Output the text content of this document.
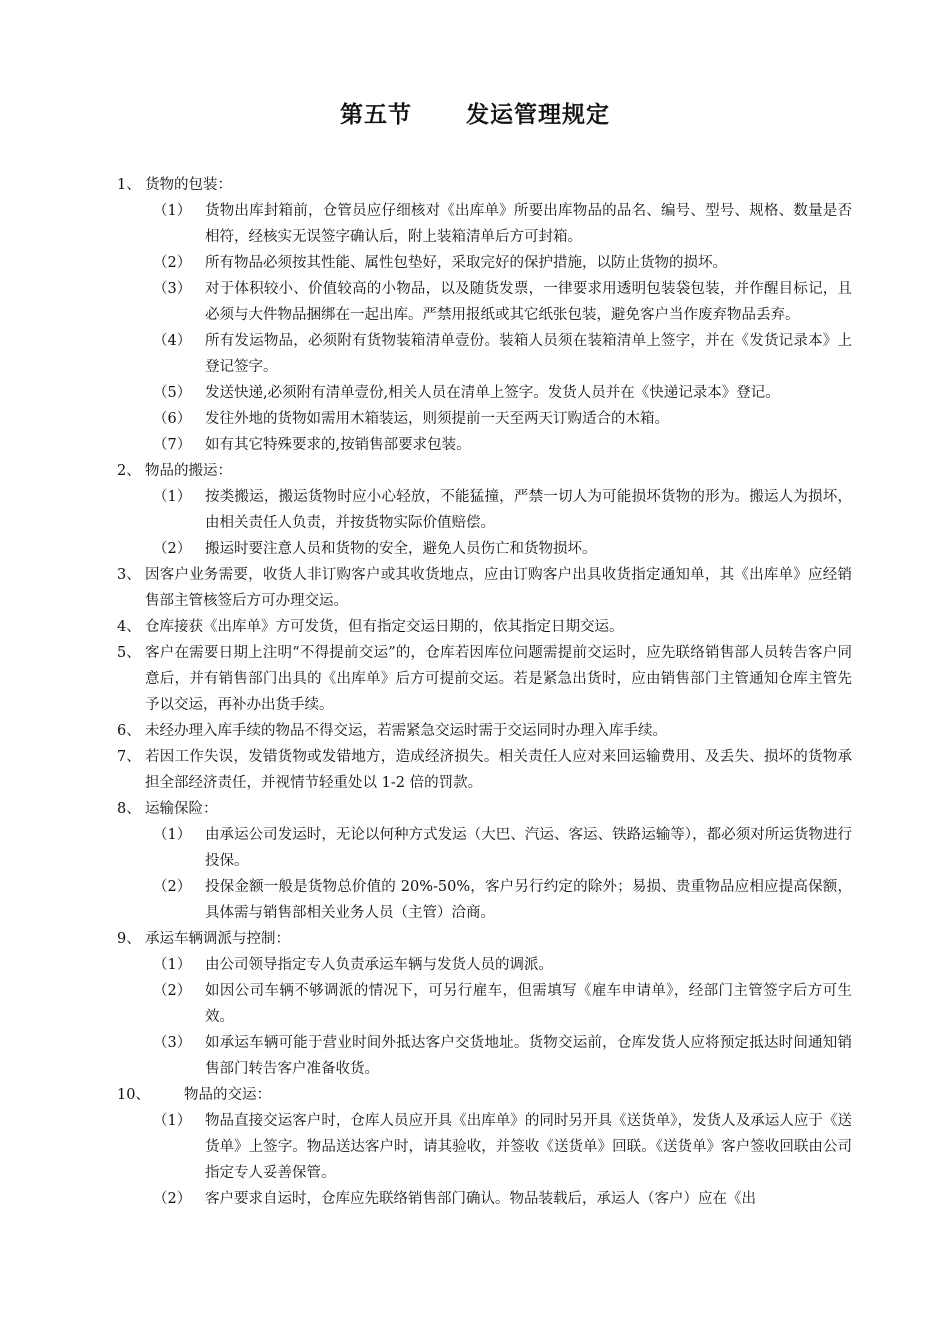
第五节      发运管理规定
1、 货物的包装：
（1） 货物出库封箱前，仓管员应仔细核对《出库单》所要出库物品的品名、编号、型号、规格、数量是否相符，经核实无误签字确认后，附上装箱清单后方可封箱。
（2） 所有物品必须按其性能、属性包垫好，采取完好的保护措施，以防止货物的损坏。
（3） 对于体积较小、价值较高的小物品，以及随货发票，一律要求用透明包装袋包装，并作醒目标记，且必须与大件物品捆绑在一起出库。严禁用报纸或其它纸张包装，避免客户当作废弃物品丢弃。
（4） 所有发运物品，必须附有货物装箱清单壹份。装箱人员须在装箱清单上签字，并在《发货记录本》上登记签字。
（5） 发送快递,必须附有清单壹份,相关人员在清单上签字。发货人员并在《快递记录本》登记。
（6） 发往外地的货物如需用木箱装运，则须提前一天至两天订购适合的木箱。
（7） 如有其它特殊要求的,按销售部要求包装。
2、 物品的搬运：
（1） 按类搬运，搬运货物时应小心轻放，不能猛撞，严禁一切人为可能损坏货物的形为。搬运人为损坏，由相关责任人负责，并按货物实际价值赔偿。
（2） 搬运时要注意人员和货物的安全，避免人员伤亡和货物损坏。
3、 因客户业务需要，收货人非订购客户或其收货地点，应由订购客户出具收货指定通知单，其《出库单》应经销售部主管核签后方可办理交运。
4、 仓库接获《出库单》方可发货，但有指定交运日期的，依其指定日期交运。
5、 客户在需要日期上注明“不得提前交运”的，仓库若因库位问题需提前交运时，应先联络销售部人员转告客户同意后，并有销售部门出具的《出库单》后方可提前交运。若是紧急出货时，应由销售部门主管通知仓库主管先予以交运，再补办出货手续。
6、 未经办理入库手续的物品不得交运，若需紧急交运时需于交运同时办理入库手续。
7、 若因工作失误，发错货物或发错地方，造成经济损失。相关责任人应对来回运输费用、及丢失、损坏的货物承担全部经济责任，并视情节轻重处以 1-2 倍的罚款。
8、 运输保险：
（1） 由承运公司发运时，无论以何种方式发运（大巴、汽运、客运、铁路运输等），都必须对所运货物进行投保。
（2） 投保金额一般是货物总价值的 20%-50%，客户另行约定的除外；易损、贵重物品应相应提高保额，具体需与销售部相关业务人员（主管）洽商。
9、 承运车辆调派与控制：
（1） 由公司领导指定专人负责承运车辆与发货人员的调派。
（2） 如因公司车辆不够调派的情况下，可另行雇车，但需填写《雇车申请单》，经部门主管签字后方可生效。
（3） 如承运车辆可能于营业时间外抵达客户交货地址。货物交运前，仓库发货人应将预定抵达时间通知销售部门转告客户准备收货。
10、 物品的交运：
（1） 物品直接交运客户时，仓库人员应开具《出库单》的同时另开具《送货单》，发货人及承运人应于《送货单》上签字。物品送达客户时，请其验收，并签收《送货单》回联。《送货单》客户签收回联由公司指定专人妥善保管。
（2） 客户要求自运时，仓库应先联络销售部门确认。物品装载后，承运人（客户）应在《出
